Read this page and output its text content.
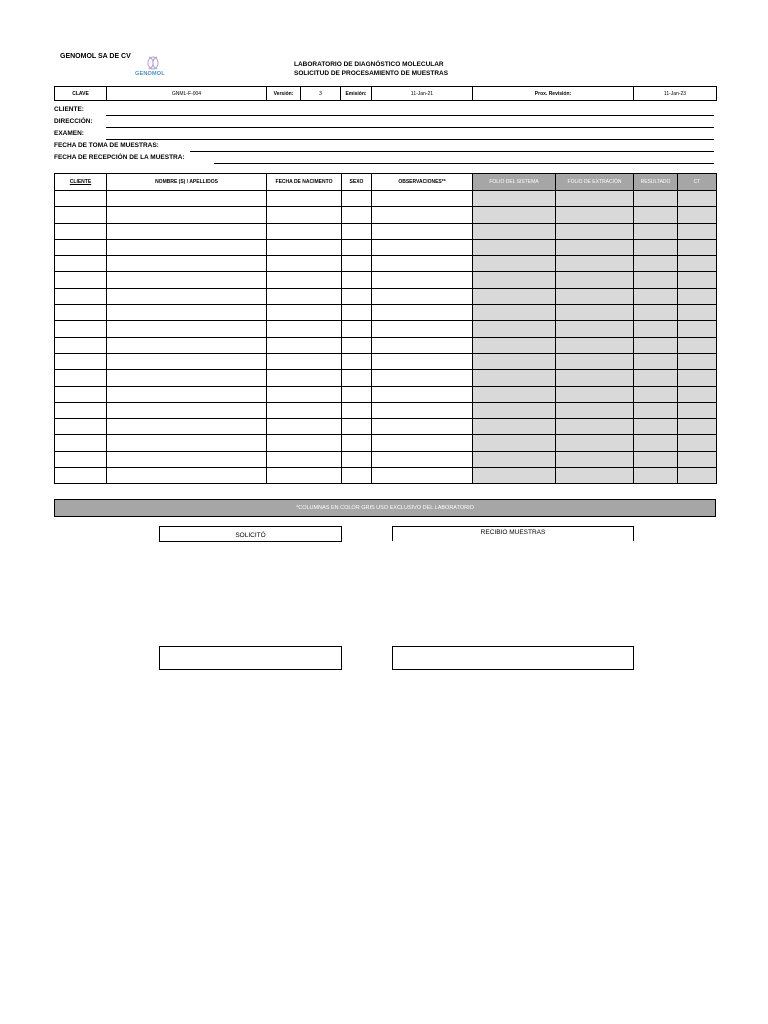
GENOMOL SA DE CV
GENOMOL
LABORATORIO DE DIAGNÓSTICO MOLECULAR
SOLICITUD DE PROCESAMIENTO DE MUESTRAS
CLAVE	GNML-F-004	Versión:	3	Emisión:	11-Jan-21	Prox. Revisión:	11-Jan-23
CLIENTE:
DIRECCIÓN:
EXAMEN:
FECHA DE TOMA DE MUESTRAS:
FECHA DE RECEPCIÓN DE LA MUESTRA:
CLIENTE	NOMBRE (S) / APELLIDOS	FECHA DE NACIMENTO	SEXO	OBSERVACIONES**	FOLIO DEL SISTEMA	FOLIO DE EXTRACIÓN	RESULTADO	CT

*COLUMNAS EN COLOR GRIS USO EXCLUSIVO DEL LABORATORIO
SOLICITÓ	RECIBIO MUESTRAS
